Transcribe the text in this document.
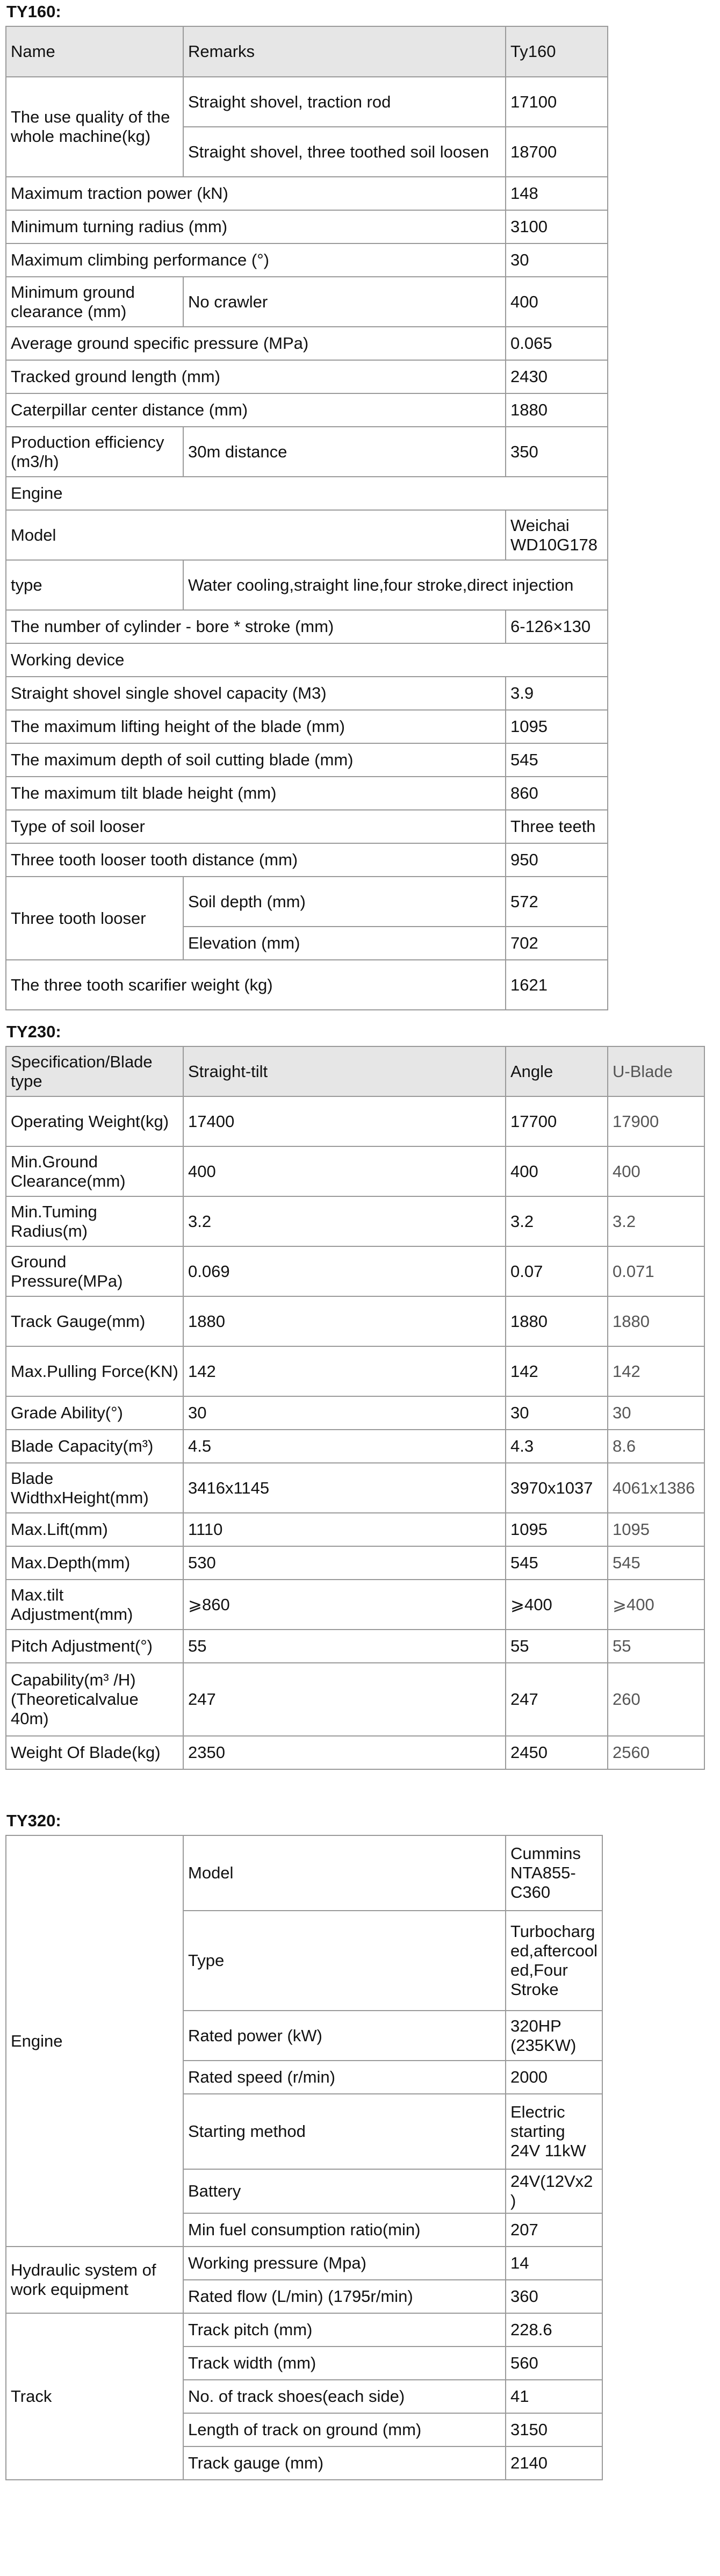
TY160:
Name	Remarks	Ty160
The use quality of the whole machine(kg)	Straight shovel, traction rod	17100
	Straight shovel, three toothed soil loosen	18700
Maximum traction power (kN)		148
Minimum turning radius (mm)		3100
Maximum climbing performance (°)		30
Minimum ground clearance (mm)	No crawler	400
Average ground specific pressure (MPa)		0.065
Tracked ground length (mm)		2430
Caterpillar center distance (mm)		1880
Production efficiency (m3/h)	30m distance	350
Engine		
Model		Weichai WD10G178
type	Water cooling,straight line,four stroke,direct injection	
The number of cylinder - bore * stroke (mm)		6-126×130
Working device		
Straight shovel single shovel capacity (M3)		3.9
The maximum lifting height of the blade (mm)		1095
The maximum depth of soil cutting blade (mm)		545
The maximum tilt blade height (mm)		860
Type of soil looser		Three teeth
Three tooth looser tooth distance (mm)		950
Three tooth looser	Soil depth (mm)	572
	Elevation (mm)	702
The three tooth scarifier weight (kg)		1621
TY230:
Specification/Blade type	Straight-tilt	Angle	U-Blade
Operating Weight(kg)	17400	17700	17900
Min.Ground Clearance(mm)	400	400	400
Min.Tuming Radius(m)	3.2	3.2	3.2
Ground Pressure(MPa)	0.069	0.07	0.071
Track Gauge(mm)	1880	1880	1880
Max.Pulling Force(KN)	142	142	142
Grade Ability(°)	30	30	30
Blade Capacity(m³)	4.5	4.3	8.6
Blade WidthxHeight(mm)	3416x1145	3970x1037	4061x1386
Max.Lift(mm)	1110	1095	1095
Max.Depth(mm)	530	545	545
Max.tilt Adjustment(mm)	⩾860	⩾400	⩾400
Pitch Adjustment(°)	55	55	55
Capability(m³ /H)(Theoreticalvalue 40m)	247	247	260
Weight Of Blade(kg)	2350	2450	2560
TY320:
Engine	Model	Cummins NTA855-C360
	Type	Turbocharged,aftercooled,Four Stroke
	Rated power (kW)	320HP (235KW)
	Rated speed (r/min)	2000
	Starting method	Electric starting 24V 11kW
	Battery	24V(12Vx2)
	Min fuel consumption ratio(min)	207
Hydraulic system of work equipment	Working pressure (Mpa)	14
	Rated flow (L/min) (1795r/min)	360
Track	Track pitch (mm)	228.6
	Track width (mm)	560
	No. of track shoes(each side)	41
	Length of track on ground (mm)	3150
	Track gauge (mm)	2140
